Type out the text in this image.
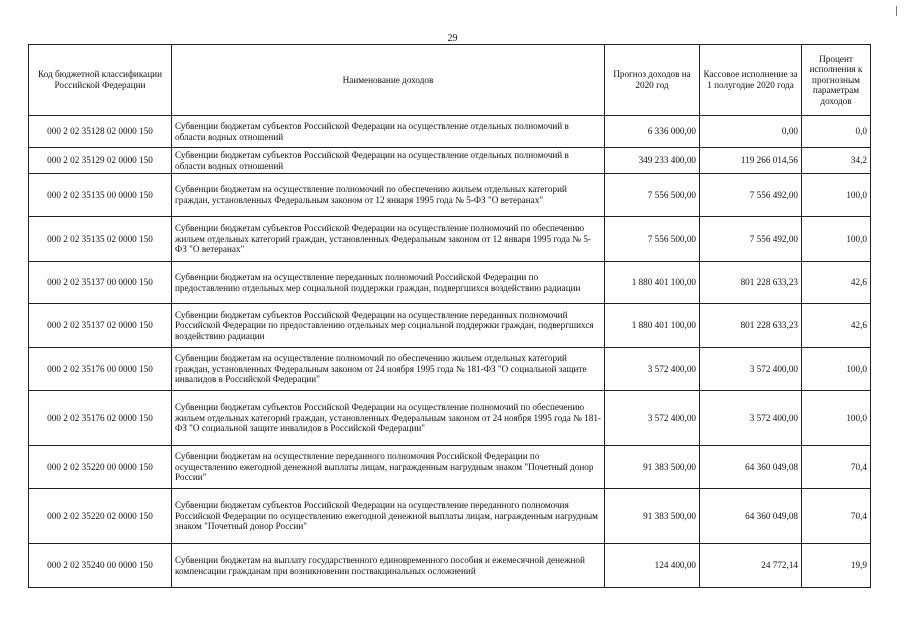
29
Код бюджетной классификации Российской Федерации	Наименование доходов	Прогноз доходов на 2020 год	Кассовое исполнение за 1 полугодие 2020 года	Процент исполнения к прогнозным параметрам доходов
000 2 02 35128 02 0000 150	Субвенции бюджетам субъектов Российской Федерации на осуществление отдельных полномочий в области водных отношений	6 336 000,00	0,00	0,0
000 2 02 35129 02 0000 150	Субвенции бюджетам субъектов Российской Федерации на осуществление отдельных полномочий в области водных отношений	349 233 400,00	119 266 014,56	34,2
000 2 02 35135 00 0000 150	Субвенции бюджетам на осуществление полномочий по обеспечению жильем отдельных категорий граждан, установленных Федеральным законом от 12 января 1995 года № 5-ФЗ "О ветеранах"	7 556 500,00	7 556 492,00	100,0
000 2 02 35135 02 0000 150	Субвенции бюджетам субъектов Российской Федерации на осуществление полномочий по обеспечению жильем отдельных категорий граждан, установленных Федеральным законом от 12 января 1995 года № 5-ФЗ "О ветеранах"	7 556 500,00	7 556 492,00	100,0
000 2 02 35137 00 0000 150	Субвенции бюджетам на осуществление переданных полномочий Российской Федерации по предоставлению отдельных мер социальной поддержки граждан, подвергшихся воздействию радиации	1 880 401 100,00	801 228 633,23	42,6
000 2 02 35137 02 0000 150	Субвенции бюджетам субъектов Российской Федерации на осуществление переданных полномочий Российской Федерации по предоставлению отдельных мер социальной поддержки граждан, подвергшихся воздействию радиации	1 880 401 100,00	801 228 633,23	42,6
000 2 02 35176 00 0000 150	Субвенции бюджетам на осуществление полномочий по обеспечению жильем отдельных категорий граждан, установленных Федеральным законом от 24 ноября 1995 года № 181-ФЗ "О социальной защите инвалидов в Российской Федерации"	3 572 400,00	3 572 400,00	100,0
000 2 02 35176 02 0000 150	Субвенции бюджетам субъектов Российской Федерации на осуществление полномочий по обеспечению жильем отдельных категорий граждан, установленных Федеральным законом от 24 ноября 1995 года № 181-ФЗ "О социальной защите инвалидов в Российской Федерации"	3 572 400,00	3 572 400,00	100,0
000 2 02 35220 00 0000 150	Субвенции бюджетам на осуществление переданного полномочия Российской Федерации по осуществлению ежегодной денежной выплаты лицам, награжденным нагрудным знаком "Почетный донор России"	91 383 500,00	64 360 049,08	70,4
000 2 02 35220 02 0000 150	Субвенции бюджетам субъектов Российской Федерации на осуществление переданного полномочия Российской Федерации по осуществлению ежегодной денежной выплаты лицам, награжденным нагрудным знаком "Почетный донор России"	91 383 500,00	64 360 049,08	70,4
000 2 02 35240 00 0000 150	Субвенции бюджетам на выплату государственного единовременного пособия и ежемесячной денежной компенсации гражданам при возникновении поствакцинальных осложнений	124 400,00	24 772,14	19,9
